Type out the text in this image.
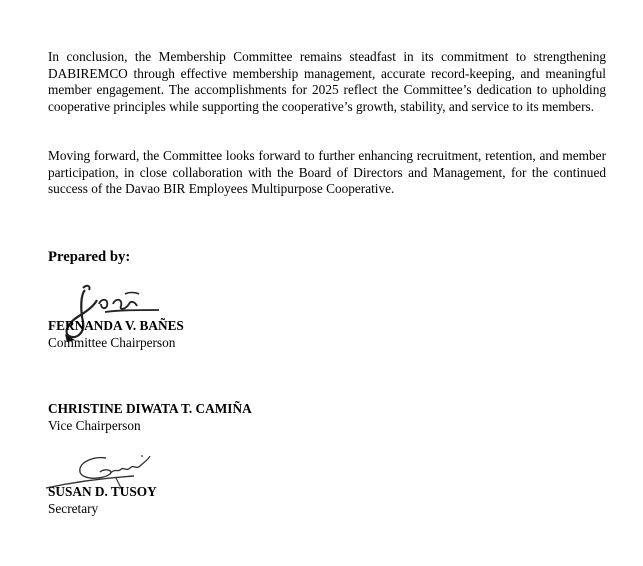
In conclusion, the Membership Committee remains steadfast in its commitment to strengthening DABIREMCO through effective membership management, accurate record-keeping, and meaningful member engagement. The accomplishments for 2025 reflect the Committee’s dedication to upholding cooperative principles while supporting the cooperative’s growth, stability, and service to its members.

Moving forward, the Committee looks forward to further enhancing recruitment, retention, and member participation, in close collaboration with the Board of Directors and Management, for the continued success of the Davao BIR Employees Multipurpose Cooperative.

Prepared by:

FERNANDA V. BAÑES
Committee Chairperson
CHRISTINE DIWATA T. CAMIÑA
Vice Chairperson
SUSAN D. TUSOY
Secretary
